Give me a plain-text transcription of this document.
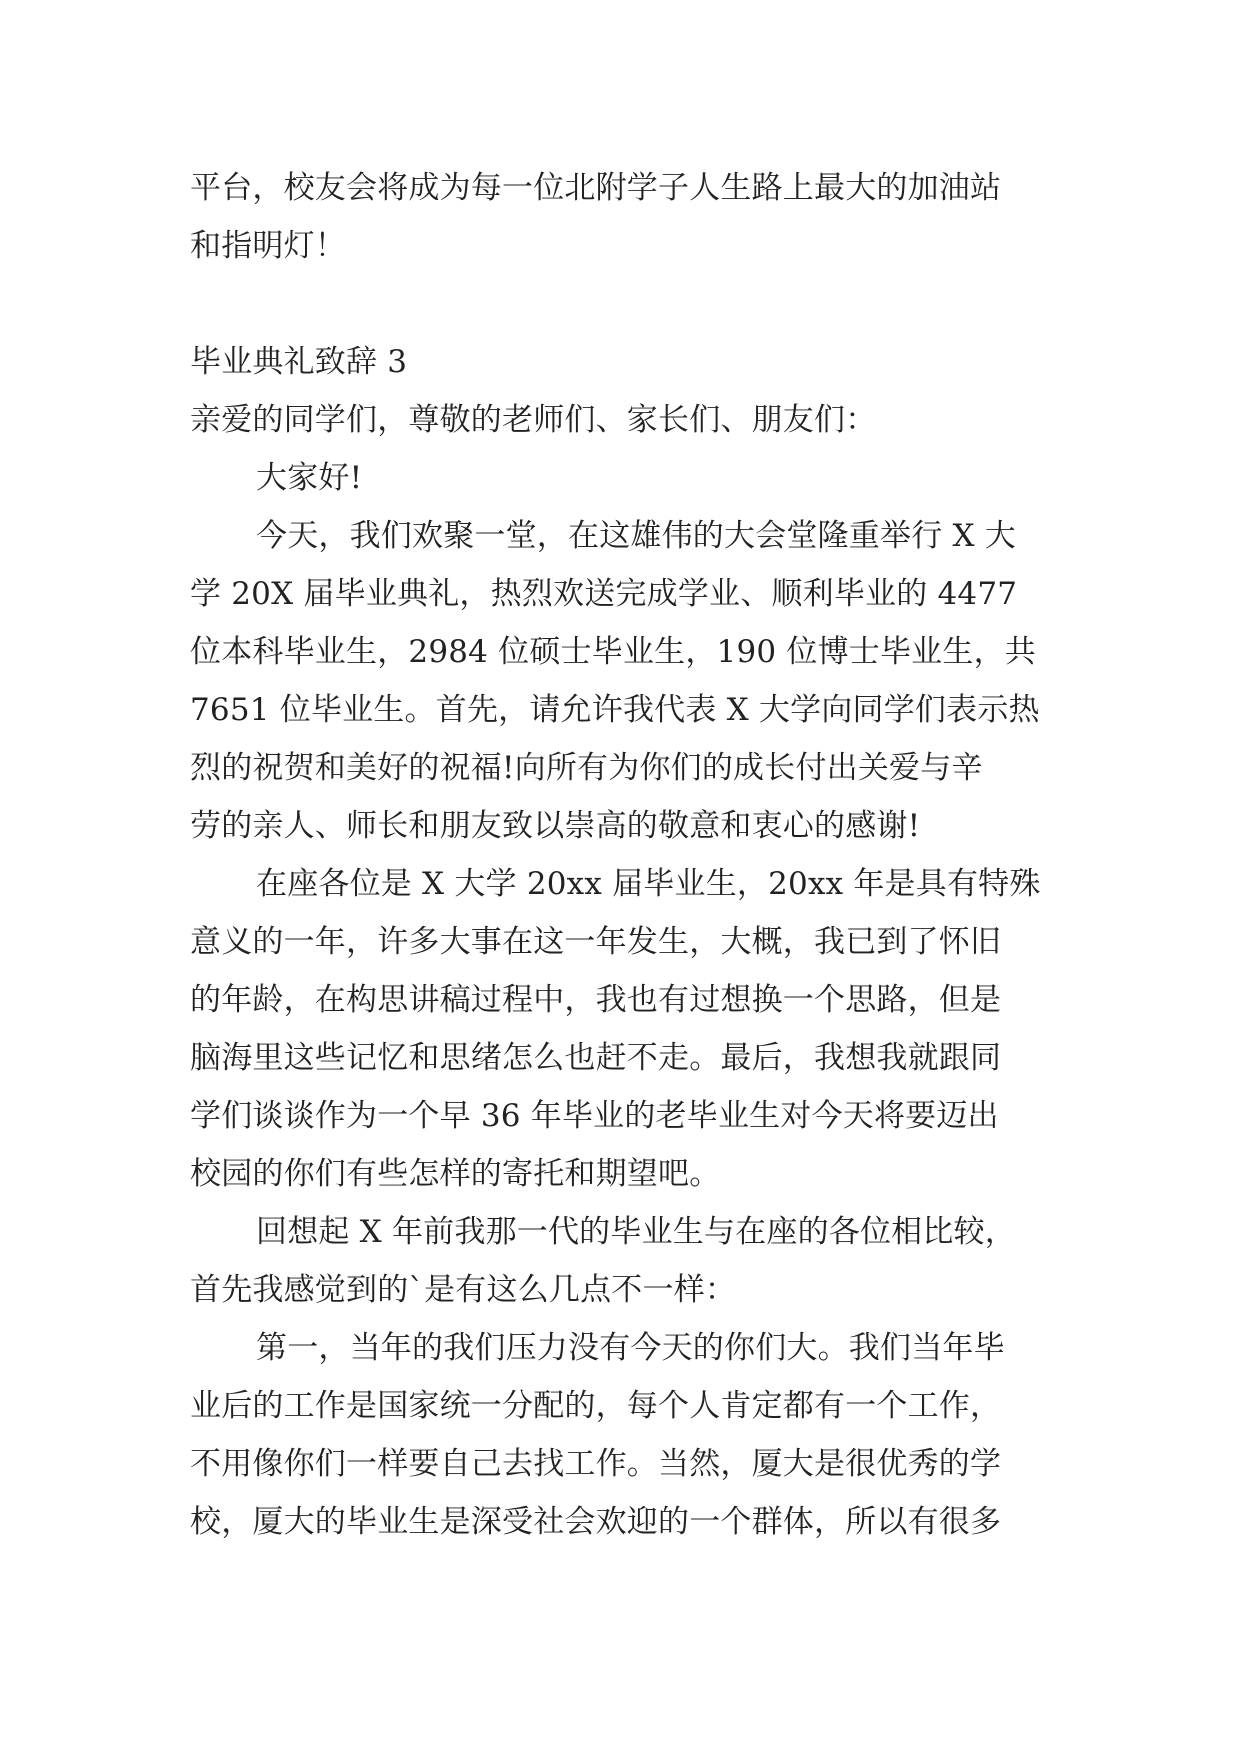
平台，校友会将成为每一位北附学子人生路上最大的加油站
和指明灯！
毕业典礼致辞 3
亲爱的同学们，尊敬的老师们、家长们、朋友们：
大家好!
今天，我们欢聚一堂，在这雄伟的大会堂隆重举行 X 大
学 20X 届毕业典礼，热烈欢送完成学业、顺利毕业的 4477
位本科毕业生，2984 位硕士毕业生，190 位博士毕业生，共
7651 位毕业生。首先，请允许我代表 X 大学向同学们表示热
烈的祝贺和美好的祝福!向所有为你们的成长付出关爱与辛
劳的亲人、师长和朋友致以崇高的敬意和衷心的感谢!
在座各位是 X 大学 20xx 届毕业生，20xx 年是具有特殊
意义的一年，许多大事在这一年发生，大概，我已到了怀旧
的年龄，在构思讲稿过程中，我也有过想换一个思路，但是
脑海里这些记忆和思绪怎么也赶不走。最后，我想我就跟同
学们谈谈作为一个早 36 年毕业的老毕业生对今天将要迈出
校园的你们有些怎样的寄托和期望吧。
回想起 X 年前我那一代的毕业生与在座的各位相比较，
首先我感觉到的`是有这么几点不一样：
第一，当年的我们压力没有今天的你们大。我们当年毕
业后的工作是国家统一分配的，每个人肯定都有一个工作，
不用像你们一样要自己去找工作。当然，厦大是很优秀的学
校，厦大的毕业生是深受社会欢迎的一个群体，所以有很多
